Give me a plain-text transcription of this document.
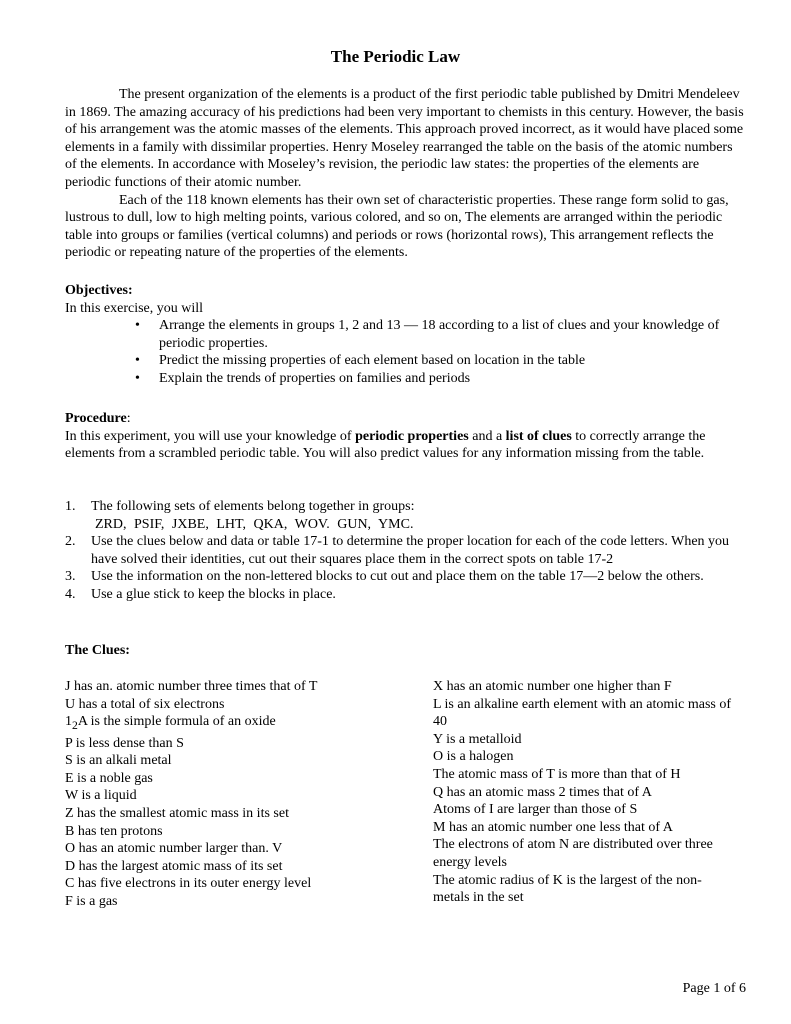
The Periodic Law

The present organization of the elements is a product of the first periodic table published by Dmitri Mendeleev in 1869. The amazing accuracy of his predictions had been very important to chemists in this century. However, the basis of his arrangement was the atomic masses of the elements. This approach proved incorrect, as it would have placed some elements in a family with dissimilar properties. Henry Moseley rearranged the table on the basis of the atomic numbers of the elements. In accordance with Moseley’s revision, the periodic law states: the properties of the elements are periodic functions of their atomic number.

Each of the 118 known elements has their own set of characteristic properties. These range form solid to gas, lustrous to dull, low to high melting points, various colored, and so on, The elements are arranged within the periodic table into groups or families (vertical columns) and periods or rows (horizontal rows), This arrangement reflects the periodic or repeating nature of the properties of the elements.

Objectives:
In this exercise, you will
• Arrange the elements in groups 1, 2 and 13 — 18 according to a list of clues and your knowledge of periodic properties.
• Predict the missing properties of each element based on location in the table
• Explain the trends of properties on families and periods
Procedure:
In this experiment, you will use your knowledge of periodic properties and a list of clues to correctly arrange the elements from a scrambled periodic table. You will also predict values for any information missing from the table.
1. The following sets of elements belong together in groups:
ZRD, PSIF, JXBE, LHT, QKA, WOV. GUN, YMC.
2. Use the clues below and data or table 17-1 to determine the proper location for each of the code letters. When you have solved their identities, cut out their squares place them in the correct spots on table 17-2
3. Use the information on the non-lettered blocks to cut out and place them on the table 17—2 below the others.
4. Use a glue stick to keep the blocks in place.
The Clues:
J has an. atomic number three times that of T
U has a total of six electrons
$1_2A$ is the simple formula of an oxide
P is less dense than S
S is an alkali metal
E is a noble gas
W is a liquid
Z has the smallest atomic mass in its set
B has ten protons
O has an atomic number larger than. V
D has the largest atomic mass of its set
C has five electrons in its outer energy level
F is a gas
X has an atomic number one higher than F
L is an alkaline earth element with an atomic mass of 40
Y is a metalloid
O is a halogen
The atomic mass of T is more than that of H
Q has an atomic mass 2 times that of A
Atoms of I are larger than those of S
M has an atomic number one less that of A
The electrons of atom N are distributed over three energy levels
The atomic radius of K is the largest of the non-metals in the set
Page 1 of 6
